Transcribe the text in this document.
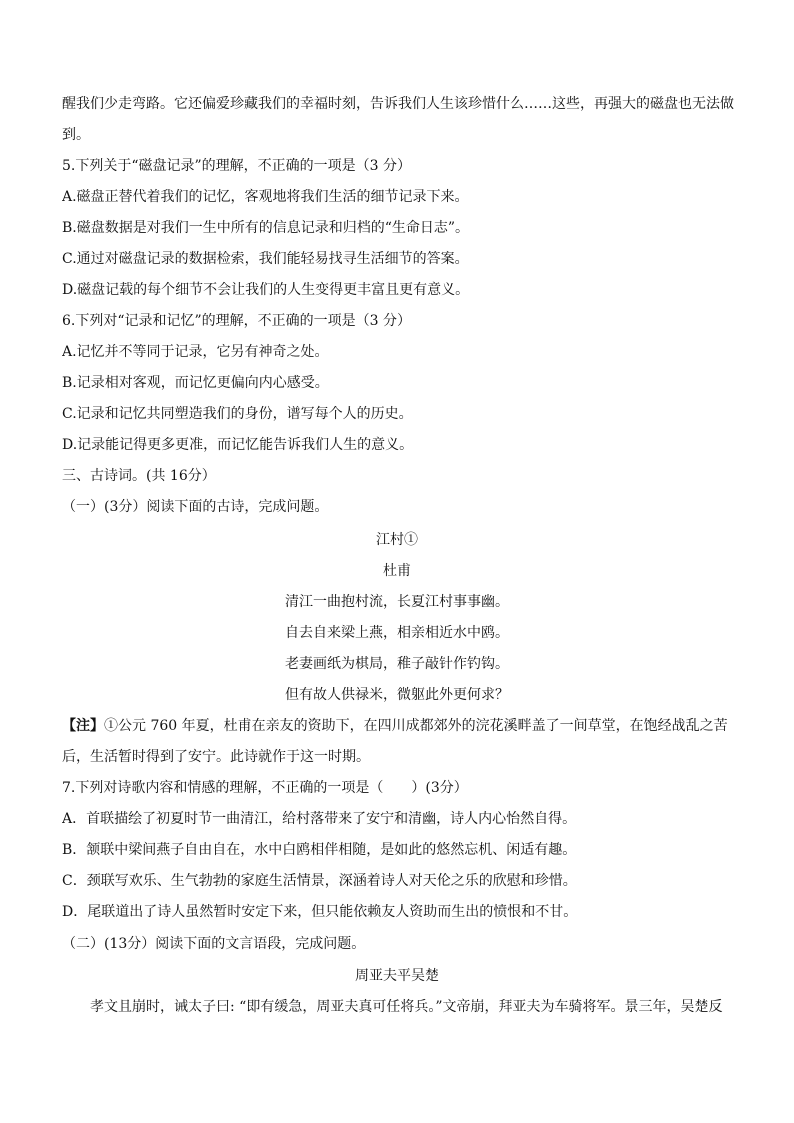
醒我们少走弯路。它还偏爱珍藏我们的幸福时刻，告诉我们人生该珍惜什么……这些，再强大的磁盘也无法做
到。
5.下列关于“磁盘记录”的理解，不正确的一项是（3 分）
A.磁盘正替代着我们的记忆，客观地将我们生活的细节记录下来。
B.磁盘数据是对我们一生中所有的信息记录和归档的“生命日志”。
C.通过对磁盘记录的数据检索，我们能轻易找寻生活细节的答案。
D.磁盘记载的每个细节不会让我们的人生变得更丰富且更有意义。
6.下列对“记录和记忆”的理解，不正确的一项是（3 分）
A.记忆并不等同于记录，它另有神奇之处。
B.记录相对客观，而记忆更偏向内心感受。
C.记录和记忆共同塑造我们的身份，谱写每个人的历史。
D.记录能记得更多更准，而记忆能告诉我们人生的意义。
三、古诗词。(共 16分）
（一）(3分）阅读下面的古诗，完成问题。
江村①
杜甫
清江一曲抱村流，长夏江村事事幽。
自去自来梁上燕，相亲相近水中鸥。
老妻画纸为棋局，稚子敲针作钓钩。
但有故人供禄米，微躯此外更何求？
【注】①公元 760 年夏，杜甫在亲友的资助下，在四川成都郊外的浣花溪畔盖了一间草堂，在饱经战乱之苦
后，生活暂时得到了安宁。此诗就作于这一时期。
7.下列对诗歌内容和情感的理解，不正确的一项是（　　）(3分）
A．首联描绘了初夏时节一曲清江，给村落带来了安宁和清幽，诗人内心怡然自得。
B．颔联中梁间燕子自由自在，水中白鸥相伴相随，是如此的悠然忘机、闲适有趣。
C．颈联写欢乐、生气勃勃的家庭生活情景，深涵着诗人对天伦之乐的欣慰和珍惜。
D．尾联道出了诗人虽然暂时安定下来，但只能依赖友人资助而生出的愤恨和不甘。
（二）(13分）阅读下面的文言语段，完成问题。
周亚夫平吴楚
孝文且崩时，诫太子曰: “即有缓急，周亚夫真可任将兵。”文帝崩，拜亚夫为车骑将军。景三年，吴楚反
